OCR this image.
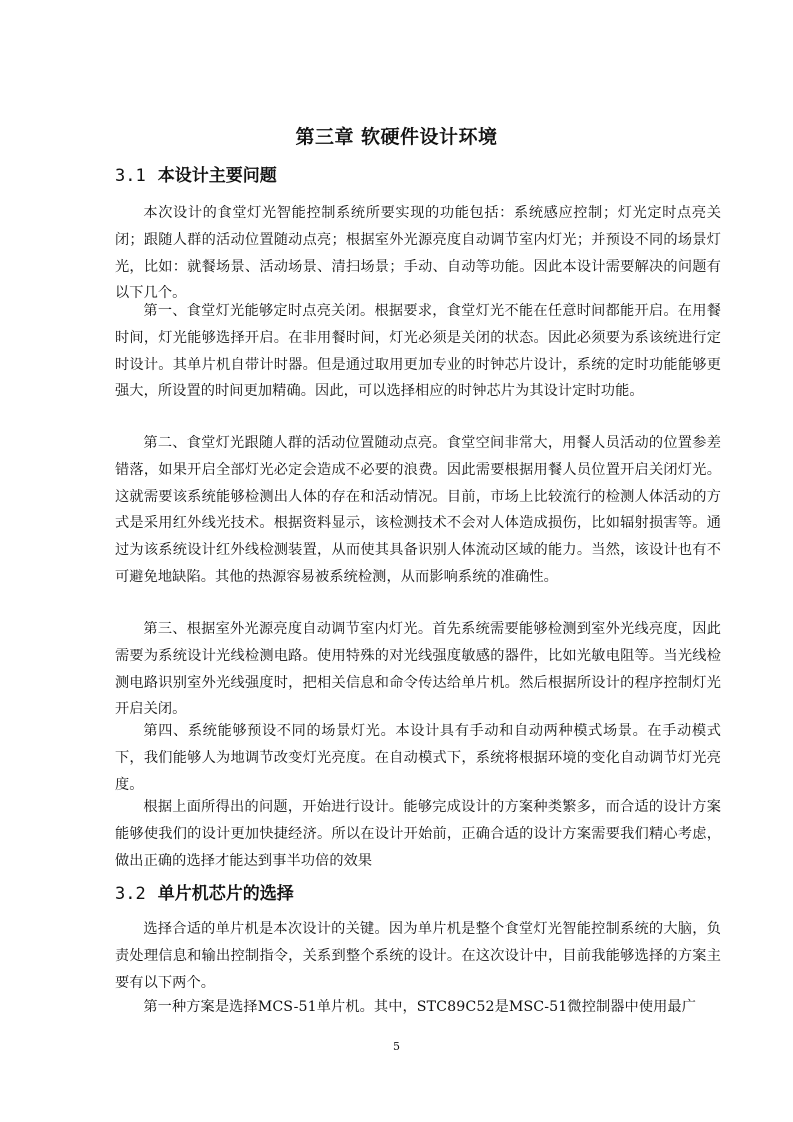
第三章 软硬件设计环境
3.1 本设计主要问题

本次设计的食堂灯光智能控制系统所要实现的功能包括：系统感应控制；灯光定时点亮关闭；跟随人群的活动位置随动点亮；根据室外光源亮度自动调节室内灯光；并预设不同的场景灯光，比如：就餐场景、活动场景、清扫场景；手动、自动等功能。因此本设计需要解决的问题有以下几个。

第一、食堂灯光能够定时点亮关闭。根据要求，食堂灯光不能在任意时间都能开启。在用餐时间，灯光能够选择开启。在非用餐时间，灯光必须是关闭的状态。因此必须要为系该统进行定时设计。其单片机自带计时器。但是通过取用更加专业的时钟芯片设计，系统的定时功能能够更强大，所设置的时间更加精确。因此，可以选择相应的时钟芯片为其设计定时功能。

第二、食堂灯光跟随人群的活动位置随动点亮。食堂空间非常大，用餐人员活动的位置参差错落，如果开启全部灯光必定会造成不必要的浪费。因此需要根据用餐人员位置开启关闭灯光。这就需要该系统能够检测出人体的存在和活动情况。目前，市场上比较流行的检测人体活动的方式是采用红外线光技术。根据资料显示，该检测技术不会对人体造成损伤，比如辐射损害等。通过为该系统设计红外线检测装置，从而使其具备识别人体流动区域的能力。当然，该设计也有不可避免地缺陷。其他的热源容易被系统检测，从而影响系统的准确性。

第三、根据室外光源亮度自动调节室内灯光。首先系统需要能够检测到室外光线亮度，因此需要为系统设计光线检测电路。使用特殊的对光线强度敏感的器件，比如光敏电阻等。当光线检测电路识别室外光线强度时，把相关信息和命令传达给单片机。然后根据所设计的程序控制灯光开启关闭。

第四、系统能够预设不同的场景灯光。本设计具有手动和自动两种模式场景。在手动模式下，我们能够人为地调节改变灯光亮度。在自动模式下，系统将根据环境的变化自动调节灯光亮度。

根据上面所得出的问题，开始进行设计。能够完成设计的方案种类繁多，而合适的设计方案能够使我们的设计更加快捷经济。所以在设计开始前，正确合适的设计方案需要我们精心考虑，做出正确的选择才能达到事半功倍的效果

3.2 单片机芯片的选择

选择合适的单片机是本次设计的关键。因为单片机是整个食堂灯光智能控制系统的大脑，负责处理信息和输出控制指令，关系到整个系统的设计。在这次设计中，目前我能够选择的方案主要有以下两个。

第一种方案是选择MCS-51单片机。其中，STC89C52是MSC-51微控制器中使用最广

5
